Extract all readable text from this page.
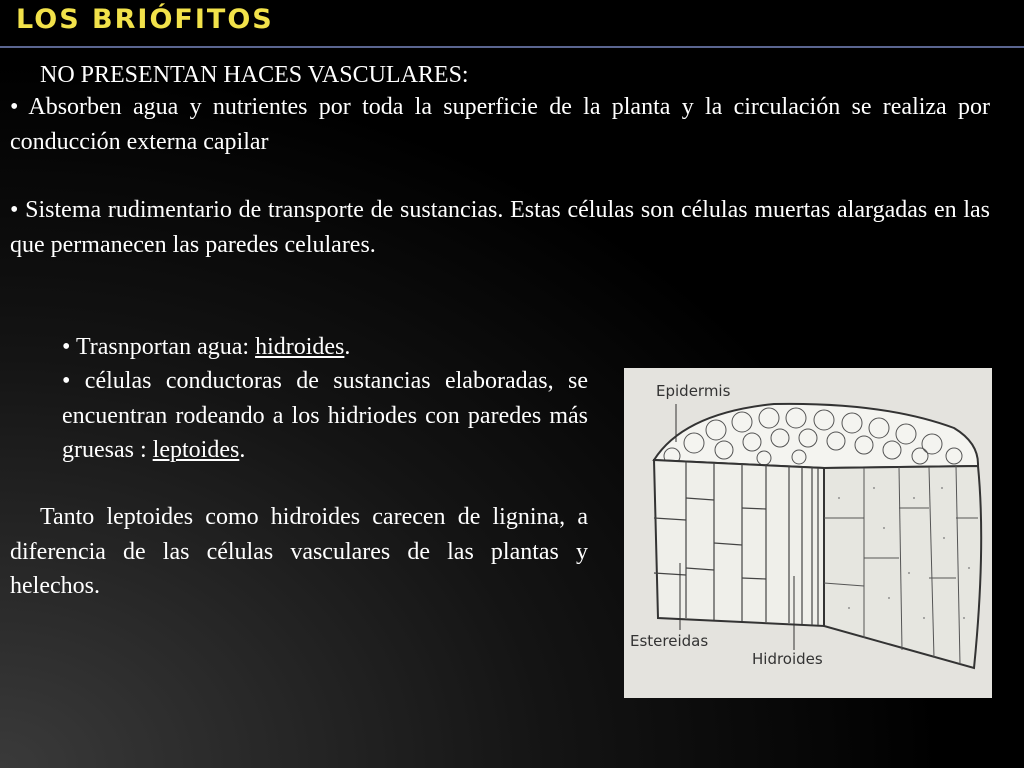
LOS BRIÓFITOS
NO PRESENTAN HACES VASCULARES:
• Absorben agua y nutrientes por toda la superficie de la planta y la circulación se realiza por conducción externa capilar
• Sistema rudimentario de transporte de sustancias. Estas células son células muertas alargadas en las que permanecen las paredes celulares.
• Trasnportan agua: hidroides.
• células conductoras de sustancias elaboradas, se encuentran rodeando a los hidriodes con paredes más gruesas : leptoides.
Tanto leptoides como hidroides carecen de lignina, a diferencia de las células vasculares de las plantas y helechos.
Epidermis
Estereidas
Hidroides
